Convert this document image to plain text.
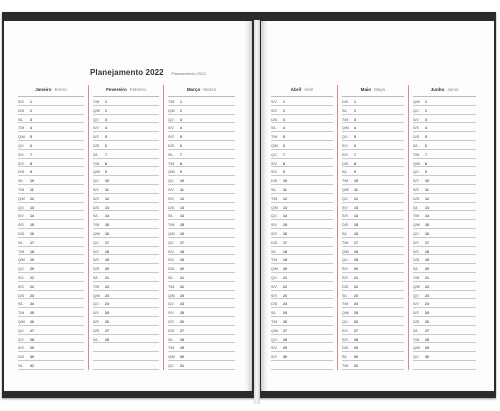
Planejamento 2022 Planeamiento 2022
Janeiro Enero
S/S 1
D/D 2
S/L 3
T/M 4
Q/M 5
Q/J 6
S/V 7
S/S 8
D/D 9
S/L 10
T/M 11
Q/M 12
Q/J 13
S/V 14
S/S 15
D/D 16
S/L 17
T/M 18
Q/M 19
Q/J 20
S/V 21
S/S 22
D/D 23
S/L 24
T/M 25
Q/M 26
Q/J 27
S/V 28
S/S 29
D/D 30
S/L 31
Fevereiro Febrero
T/M 1
Q/M 2
Q/J 3
S/V 4
S/S 5
D/D 6
S/L 7
T/M 8
Q/M 9
Q/J 10
S/V 11
S/S 12
D/D 13
S/L 14
T/M 15
Q/M 16
Q/J 17
S/V 18
S/S 19
D/D 20
S/L 21
T/M 22
Q/M 23
Q/J 24
S/V 25
S/S 26
D/D 27
S/L 28
Março Marzo
T/M 1
Q/M 2
Q/J 3
S/V 4
S/S 5
D/D 6
S/L 7
T/M 8
Q/M 9
Q/J 10
S/V 11
S/S 12
D/D 13
S/L 14
T/M 15
Q/M 16
Q/J 17
S/V 18
S/S 19
D/D 20
S/L 21
T/M 22
Q/M 23
Q/J 24
S/V 25
S/S 26
D/D 27
S/L 28
T/M 29
Q/M 30
Q/J 31
Abril Abril
S/V 1
S/S 2
D/D 3
S/L 4
T/M 5
Q/M 6
Q/J 7
S/V 8
S/S 9
D/D 10
S/L 11
T/M 12
Q/M 13
Q/J 14
S/V 15
S/S 16
D/D 17
S/L 18
T/M 19
Q/M 20
Q/J 21
S/V 22
S/S 23
D/D 24
S/L 25
T/M 26
Q/M 27
Q/J 28
S/V 29
S/S 30
Maio Mayo
D/D 1
S/L 2
T/M 3
Q/M 4
Q/J 5
S/V 6
S/S 7
D/D 8
S/L 9
T/M 10
Q/M 11
Q/J 12
S/V 13
S/S 14
D/D 15
S/L 16
T/M 17
Q/M 18
Q/J 19
S/V 20
S/S 21
D/D 22
S/L 23
T/M 24
Q/M 25
Q/J 26
S/V 27
S/S 28
D/D 29
S/L 30
T/M 31
Junho Junio
Q/M 1
Q/J 2
S/V 3
S/S 4
D/D 5
S/L 6
T/M 7
Q/M 8
Q/J 9
S/V 10
S/S 11
D/D 12
S/L 13
T/M 14
Q/M 15
Q/J 16
S/V 17
S/S 18
D/D 19
S/L 20
T/M 21
Q/M 22
Q/J 23
S/V 24
S/S 25
D/D 26
S/L 27
T/M 28
Q/M 29
Q/J 30
